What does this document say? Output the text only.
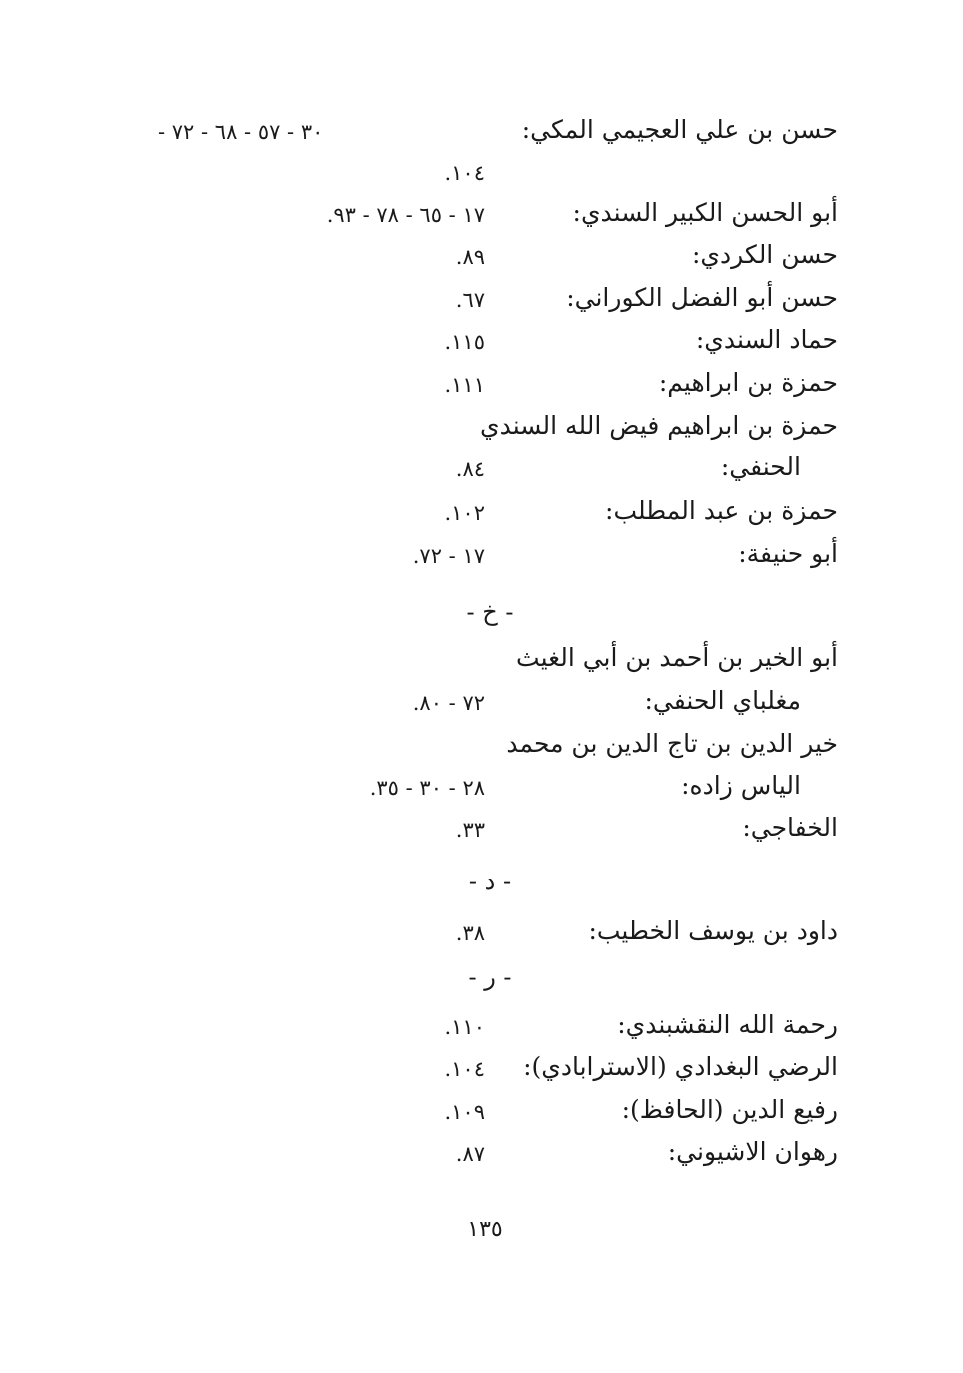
حسن بن علي العجيمي المكي:
٣٠ - ٥٧ - ٦٨ - ٧٢ -
١٠٤.
أبو الحسن الكبير السندي:
١٧ - ٦٥ - ٧٨ - ٩٣.
حسن الكردي:
٨٩.
حسن أبو الفضل الكوراني:
٦٧.
حماد السندي:
١١٥.
حمزة بن ابراهيم:
١١١.
حمزة بن ابراهيم فيض الله السندي
الحنفي:
٨٤.
حمزة بن عبد المطلب:
١٠٢.
أبو حنيفة:
١٧ - ٧٢.
- خ -
أبو الخير بن أحمد بن أبي الغيث
مغلباي الحنفي:
٧٢ - ٨٠.
خير الدين بن تاج الدين بن محمد
الياس زاده:
٢٨ - ٣٠ - ٣٥.
الخفاجي:
٣٣.
- د -
داود بن يوسف الخطيب:
٣٨.
- ر -
رحمة الله النقشبندي:
١١٠.
الرضي البغدادي (الاسترابادي):
١٠٤.
رفيع الدين (الحافظ):
١٠٩.
رهوان الاشيوني:
٨٧.
١٣٥
